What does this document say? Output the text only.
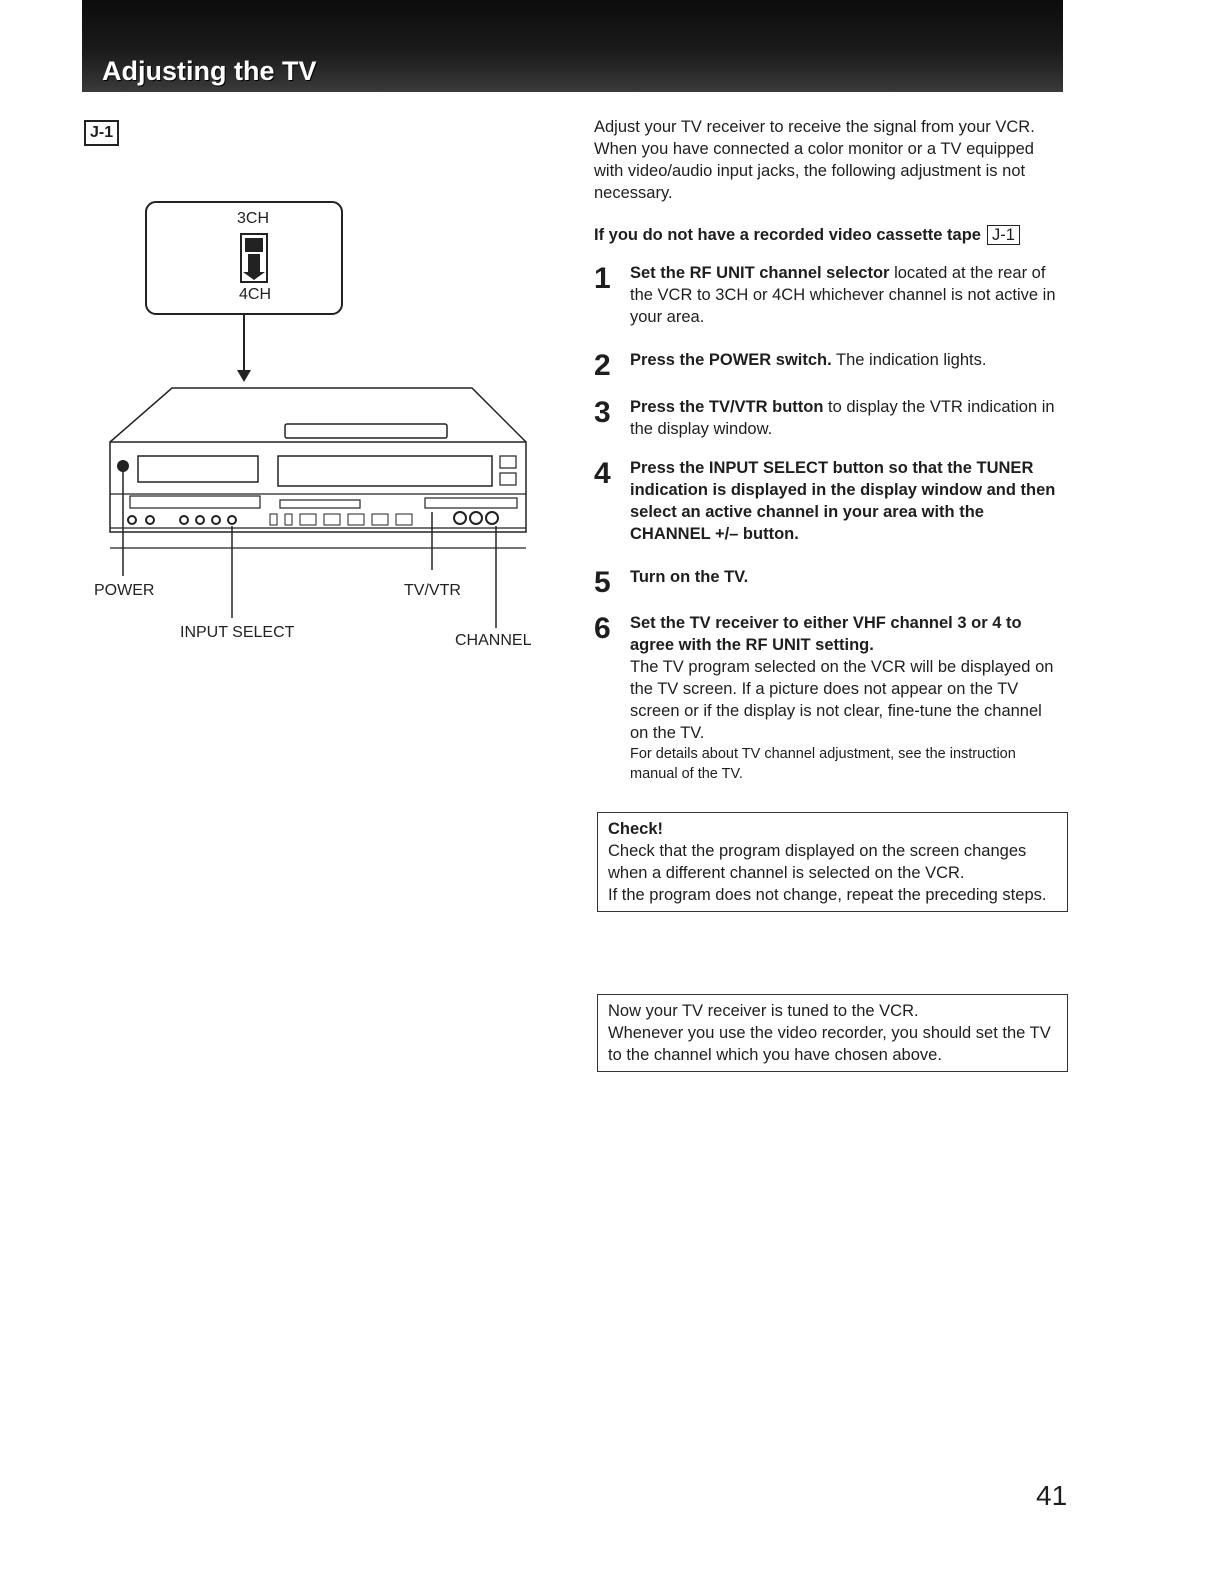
Adjusting the TV
J-1
3CH
4CH
POWER
INPUT SELECT
TV/VTR
CHANNEL
Adjust your TV receiver to receive the signal from your VCR. When you have connected a color monitor or a TV equipped with video/audio input jacks, the following adjustment is not necessary.
If you do not have a recorded video cassette tape J-1
1 Set the RF UNIT channel selector located at the rear of the VCR to 3CH or 4CH whichever channel is not active in your area.
2 Press the POWER switch. The indication lights.
3 Press the TV/VTR button to display the VTR indication in the display window.
4 Press the INPUT SELECT button so that the TUNER indication is displayed in the display window and then select an active channel in your area with the CHANNEL +/– button.
5 Turn on the TV.
6 Set the TV receiver to either VHF channel 3 or 4 to agree with the RF UNIT setting.
The TV program selected on the VCR will be displayed on the TV screen. If a picture does not appear on the TV screen or if the display is not clear, fine-tune the channel on the TV.
For details about TV channel adjustment, see the instruction manual of the TV.
Check!
Check that the program displayed on the screen changes when a different channel is selected on the VCR.
If the program does not change, repeat the preceding steps.
Now your TV receiver is tuned to the VCR.
Whenever you use the video recorder, you should set the TV to the channel which you have chosen above.
41
